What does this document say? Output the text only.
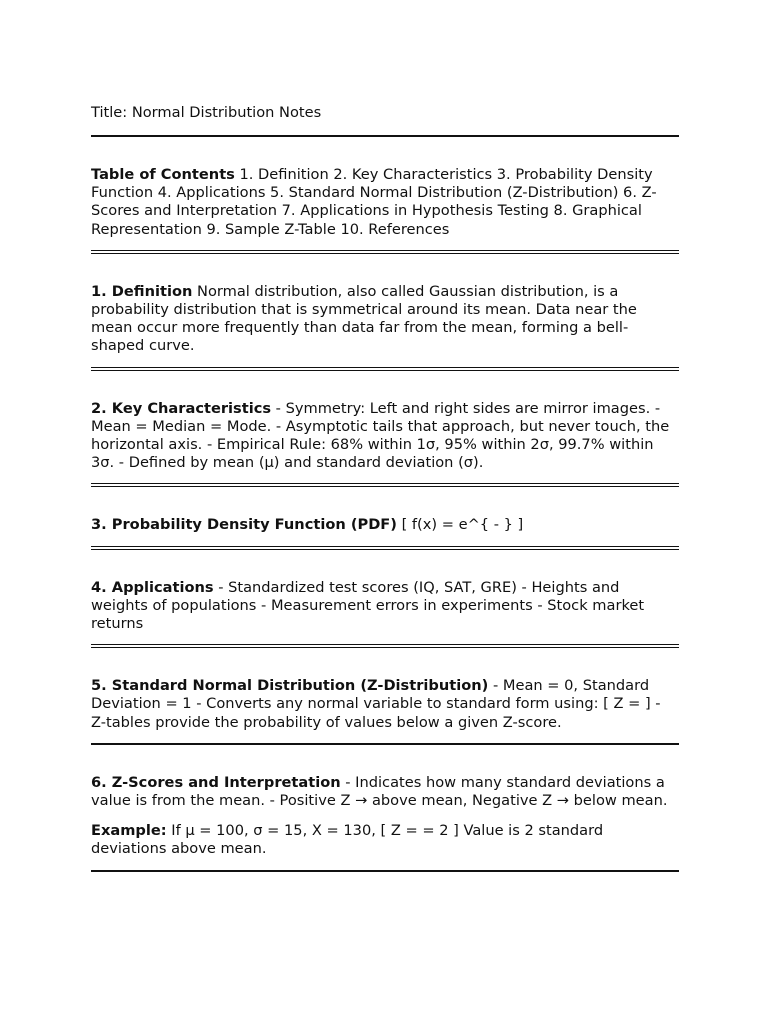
Title: Normal Distribution Notes

Table of Contents 1. Definition 2. Key Characteristics 3. Probability Density Function 4. Applications 5. Standard Normal Distribution (Z-Distribution) 6. Z-Scores and Interpretation 7. Applications in Hypothesis Testing 8. Graphical Representation 9. Sample Z-Table 10. References

1. Definition Normal distribution, also called Gaussian distribution, is a probability distribution that is symmetrical around its mean. Data near the mean occur more frequently than data far from the mean, forming a bell-shaped curve.

2. Key Characteristics - Symmetry: Left and right sides are mirror images. - Mean = Median = Mode. - Asymptotic tails that approach, but never touch, the horizontal axis. - Empirical Rule: 68% within 1σ, 95% within 2σ, 99.7% within 3σ. - Defined by mean (μ) and standard deviation (σ).

3. Probability Density Function (PDF) [ f(x) = e^{ - } ]

4. Applications - Standardized test scores (IQ, SAT, GRE) - Heights and weights of populations - Measurement errors in experiments - Stock market returns

5. Standard Normal Distribution (Z-Distribution) - Mean = 0, Standard Deviation = 1 - Converts any normal variable to standard form using: [ Z = ] - Z-tables provide the probability of values below a given Z-score.

6. Z-Scores and Interpretation - Indicates how many standard deviations a value is from the mean. - Positive Z → above mean, Negative Z → below mean.

Example: If μ = 100, σ = 15, X = 130, [ Z = = 2 ] Value is 2 standard deviations above mean.
